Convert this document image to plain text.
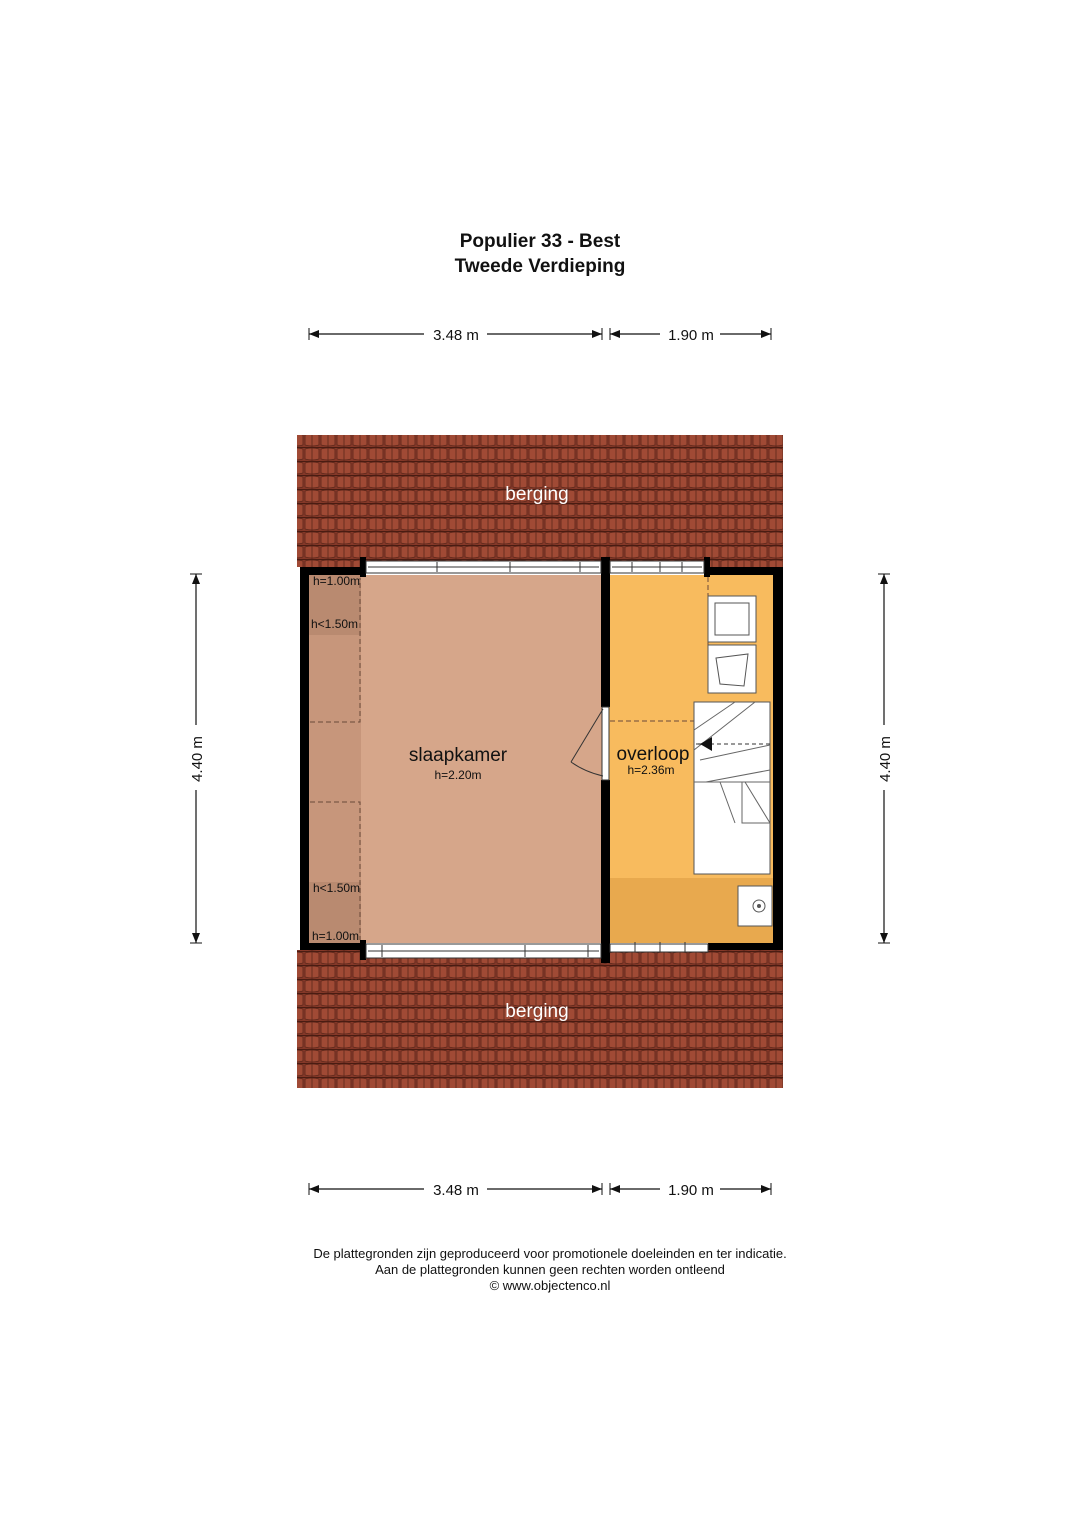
Populier 33 - Best
Tweede Verdieping
3.48 m	1.90 m
3.48 m	1.90 m
4.40 m	4.40 m
berging
berging
slaapkamer
h=2.20m
overloop
h=2.36m
h=1.00m
h<1.50m
h<1.50m
h=1.00m
De plattegronden zijn geproduceerd voor promotionele doeleinden en ter indicatie.
Aan de plattegronden kunnen geen rechten worden ontleend
© www.objectenco.nl
